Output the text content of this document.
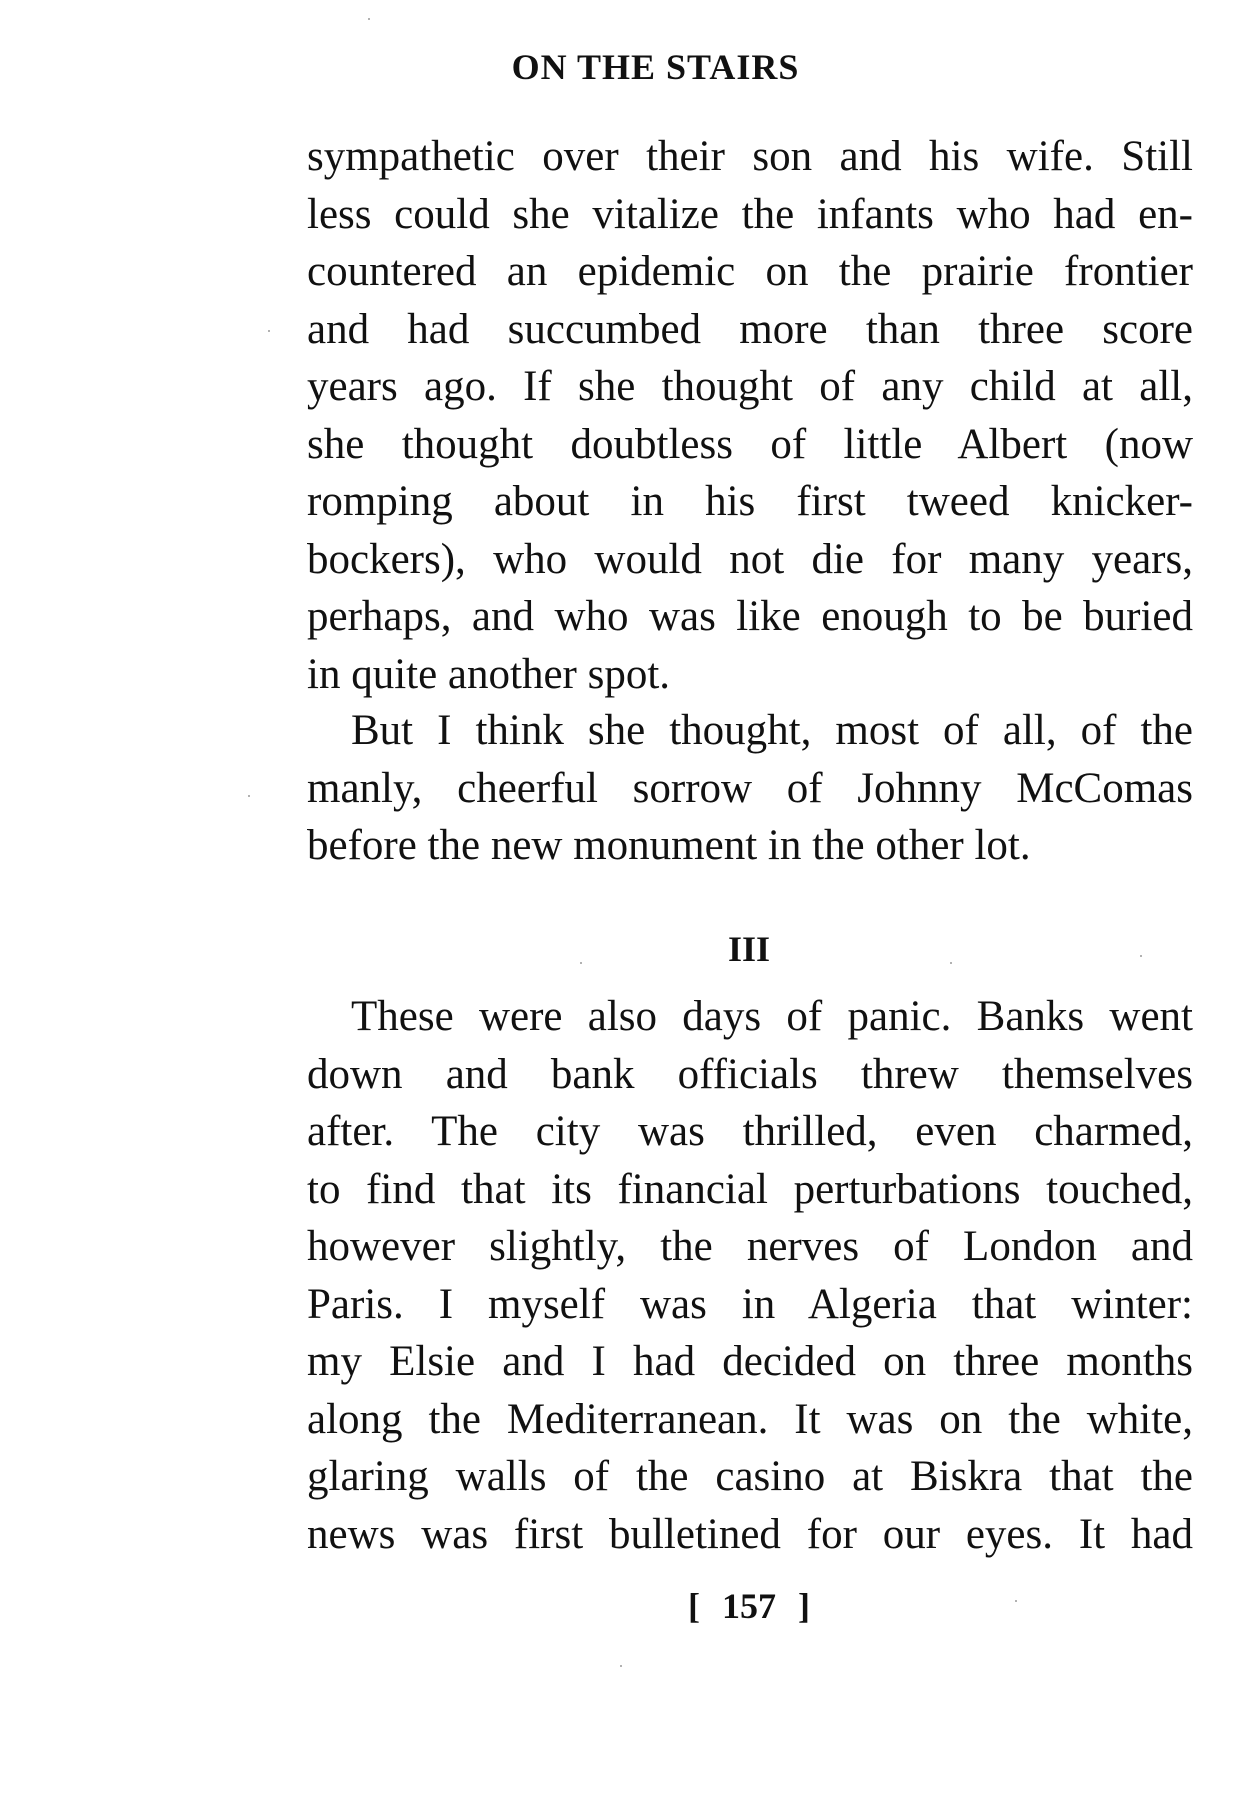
ON THE STAIRS
sympathetic over their son and his wife. Still
less could she vitalize the infants who had en-
countered an epidemic on the prairie frontier
and had succumbed more than three score
years ago. If she thought of any child at all,
she thought doubtless of little Albert (now
romping about in his first tweed knicker-
bockers), who would not die for many years,
perhaps, and who was like enough to be buried
in quite another spot.
But I think she thought, most of all, of the
manly, cheerful sorrow of Johnny McComas
before the new monument in the other lot.
III
These were also days of panic. Banks went
down and bank officials threw themselves
after. The city was thrilled, even charmed,
to find that its financial perturbations touched,
however slightly, the nerves of London and
Paris. I myself was in Algeria that winter:
my Elsie and I had decided on three months
along the Mediterranean. It was on the white,
glaring walls of the casino at Biskra that the
news was first bulletined for our eyes. It had
[ 157 ]
